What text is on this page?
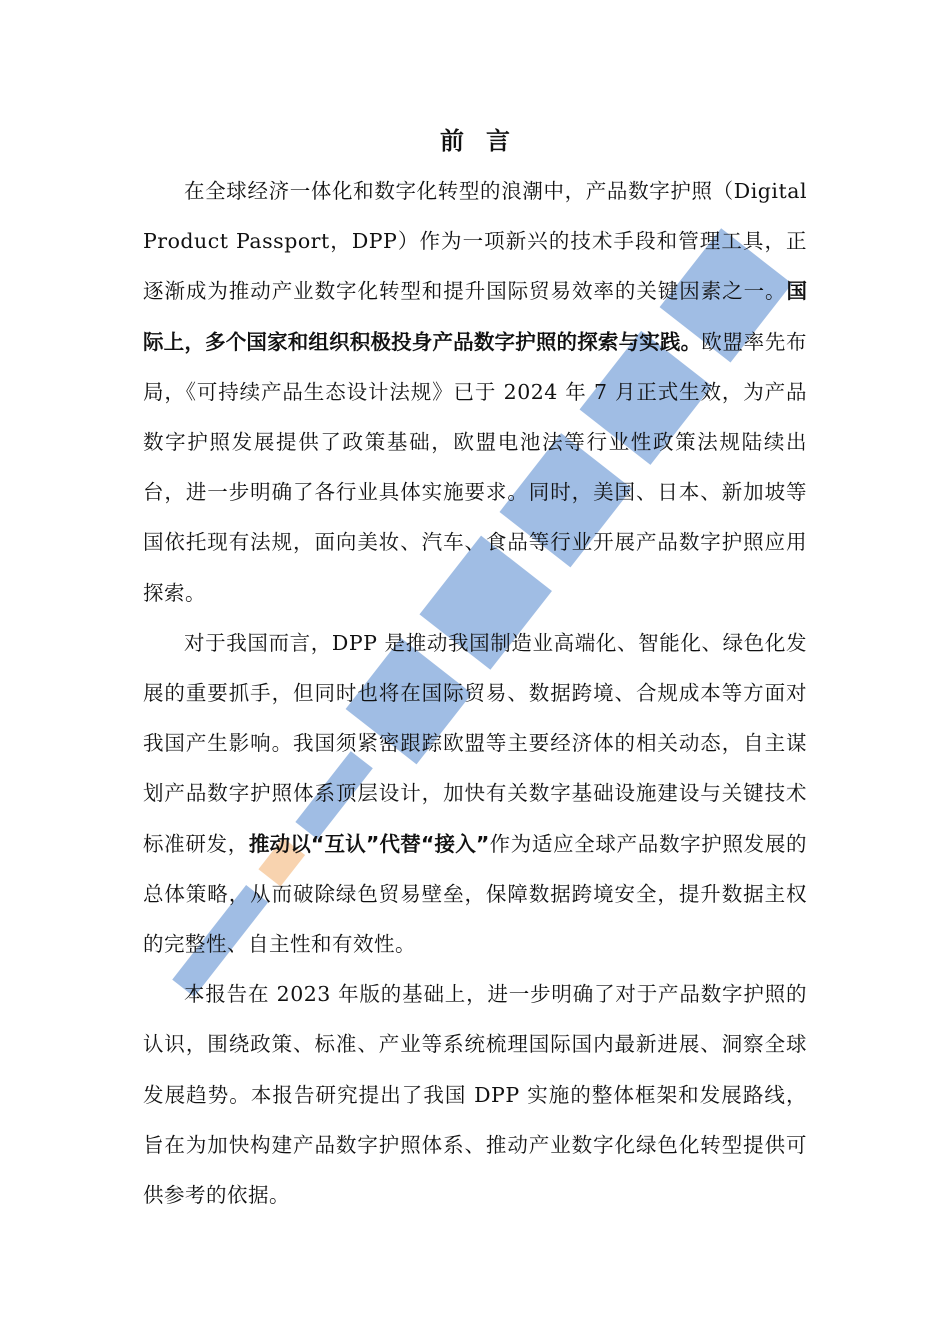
前言

在全球经济一体化和数字化转型的浪潮中，产品数字护照（Digital Product Passport，DPP）作为一项新兴的技术手段和管理工具，正逐渐成为推动产业数字化转型和提升国际贸易效率的关键因素之一。国际上，多个国家和组织积极投身产品数字护照的探索与实践。欧盟率先布局，《可持续产品生态设计法规》已于 2024 年 7 月正式生效，为产品数字护照发展提供了政策基础，欧盟电池法等行业性政策法规陆续出台，进一步明确了各行业具体实施要求。同时，美国、日本、新加坡等国依托现有法规，面向美妆、汽车、食品等行业开展产品数字护照应用探索。

对于我国而言，DPP 是推动我国制造业高端化、智能化、绿色化发展的重要抓手，但同时也将在国际贸易、数据跨境、合规成本等方面对我国产生影响。我国须紧密跟踪欧盟等主要经济体的相关动态，自主谋划产品数字护照体系顶层设计，加快有关数字基础设施建设与关键技术标准研发，推动以“互认”代替“接入”作为适应全球产品数字护照发展的总体策略，从而破除绿色贸易壁垒，保障数据跨境安全，提升数据主权的完整性、自主性和有效性。

本报告在 2023 年版的基础上，进一步明确了对于产品数字护照的认识，围绕政策、标准、产业等系统梳理国际国内最新进展、洞察全球发展趋势。本报告研究提出了我国 DPP 实施的整体框架和发展路线，旨在为加快构建产品数字护照体系、推动产业数字化绿色化转型提供可供参考的依据。
